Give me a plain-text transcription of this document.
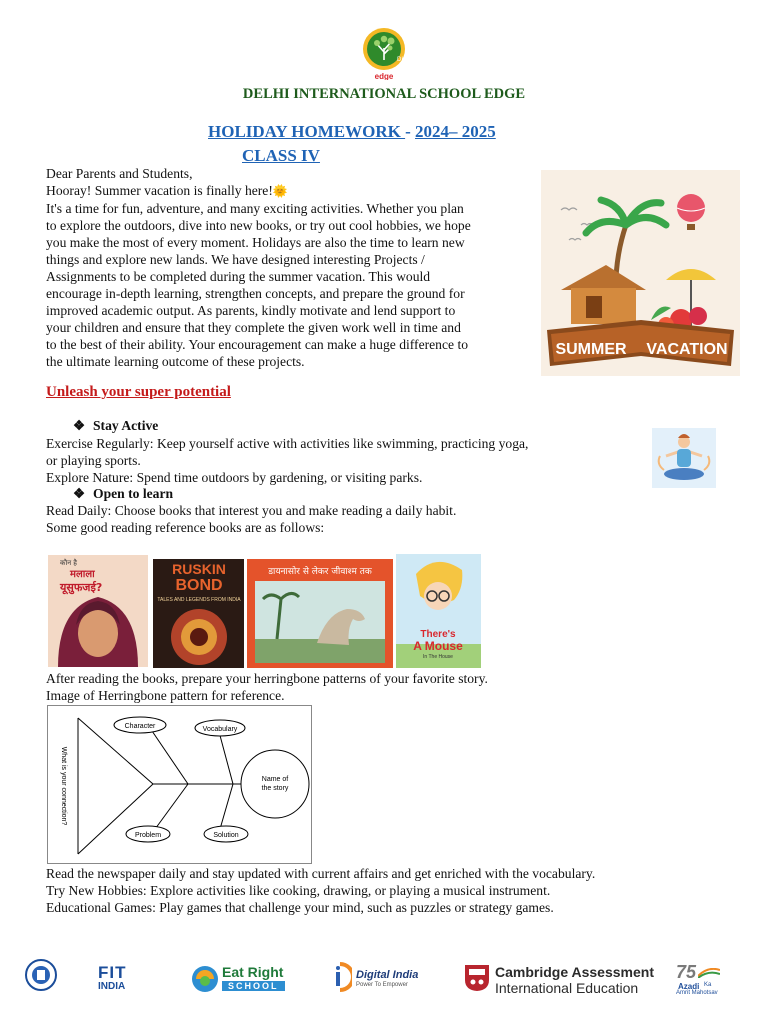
DIS
edge
DELHI INTERNATIONAL SCHOOL EDGE
HOLIDAY HOMEWORK - 2024– 2025
CLASS IV
Dear Parents and Students,
Hooray! Summer vacation is finally here!🌞
It's a time for fun, adventure, and many exciting activities. Whether you plan
to explore the outdoors, dive into new books, or try out cool hobbies, we hope
you make the most of every moment. Holidays are also the time to learn new
things and explore new lands. We have designed interesting Projects /
Assignments to be completed during the summer vacation. This would
encourage in-depth learning, strengthen concepts, and prepare the ground for
improved academic output. As parents, kindly motivate and lend support to
your children and ensure that they complete the given work well in time and
to the best of their ability. Your encouragement can make a huge difference to
the ultimate learning outcome of these projects.
SUMMER VACATION
Unleash your super potential
❖ Stay Active
Exercise Regularly: Keep yourself active with activities like swimming, practicing yoga,
or playing sports.
Explore Nature: Spend time outdoors by gardening, or visiting parks.
❖ Open to learn
Read Daily: Choose books that interest you and make reading a daily habit.
Some good reading reference books are as follows:
कौन है
मलाला
यूसुफजई?
RUSKIN
BOND
TALES AND LEGENDS FROM INDIA
डायनासोर से लेकर जीवाश्म तक
There's
A Mouse
In The House
After reading the books, prepare your herringbone patterns of your favorite story.
Image of Herringbone pattern for reference.
Character	Vocabulary
Problem	Solution
Name of
the story
What is your connection?
Read the newspaper daily and stay updated with current affairs and get enriched with the vocabulary.
Try New Hobbies: Explore activities like cooking, drawing, or playing a musical instrument.
Educational Games: Play games that challenge your mind, such as puzzles or strategy games.
FIT
INDIA
Eat Right
SCHOOL
Digital India
Power To Empower
Cambridge Assessment
International Education
75
Azadi Ka
Amrit Mahotsav
